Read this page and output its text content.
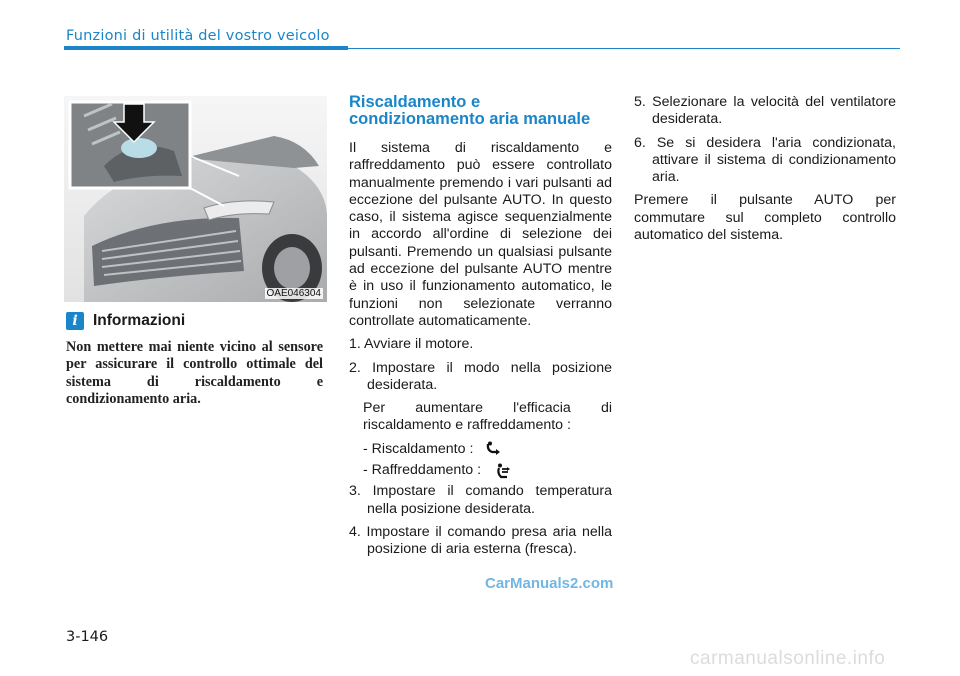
Funzioni di utilità del vostro veicolo
OAE046304
i Informazioni
Non mettere mai niente vicino al sensore per assicurare il controllo ottimale del sistema di riscaldamento e condizionamento aria.
Riscaldamento e
condizionamento aria manuale

Il sistema di riscaldamento e raffreddamento può essere controllato manualmente premendo i vari pulsanti ad eccezione del pulsante AUTO. In questo caso, il sistema agisce sequenzialmente in accordo all'ordine di selezione dei pulsanti. Premendo un qualsiasi pulsante ad eccezione del pulsante AUTO mentre è in uso il funzionamento automatico, le funzioni non selezionate verranno controllate automaticamente.

1. Avviare il motore.

2. Impostare il modo nella posizione desiderata.

Per aumentare l'efficacia di riscaldamento e raffreddamento :

- Riscaldamento :
- Raffreddamento :

3. Impostare il comando temperatura nella posizione desiderata.

4. Impostare il comando presa aria nella posizione di aria esterna (fresca).

5. Selezionare la velocità del ventilatore desiderata.

6. Se si desidera l'aria condizionata, attivare il sistema di condizionamento aria.

Premere il pulsante AUTO per commutare sul completo controllo automatico del sistema.

CarManuals2.com
3-146
carmanualsonline.info
